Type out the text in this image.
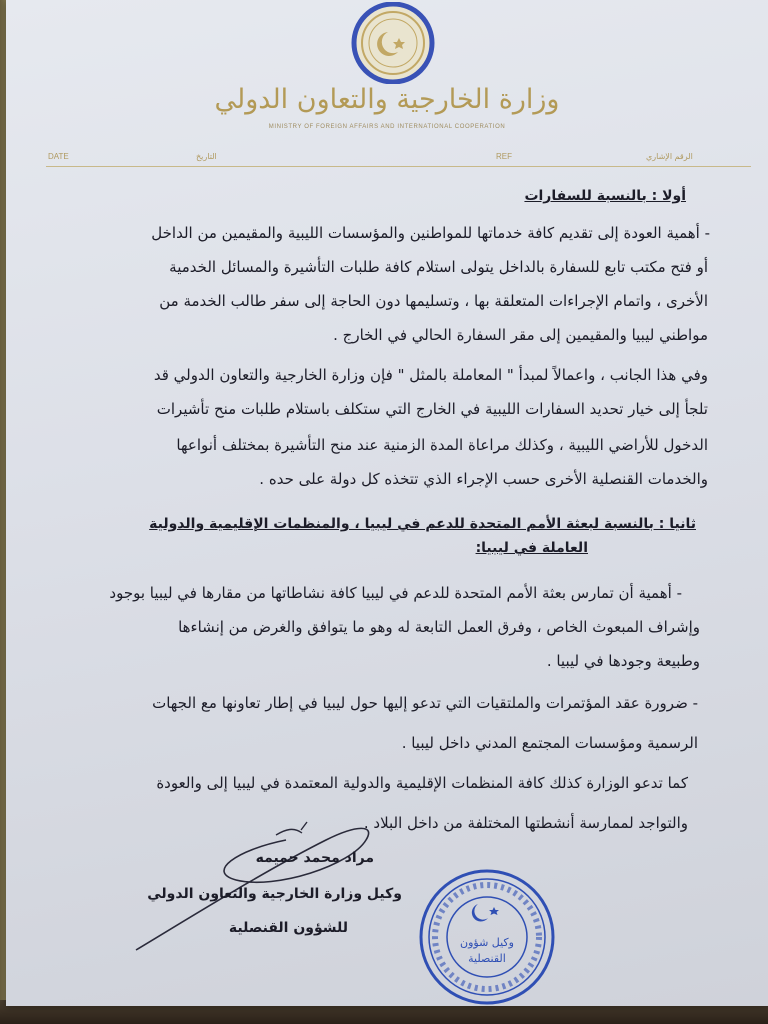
وزارة الخارجية والتعاون الدولي
MINISTRY OF FOREIGN AFFAIRS AND INTERNATIONAL COOPERATION
DATE	التاريخ	REF	الرقم الإشاري
أولا : بالنسبة للسفارات
- أهمية العودة إلى تقديم كافة خدماتها للمواطنين والمؤسسات الليبية والمقيمين من الداخل
أو فتح مكتب تابع للسفارة بالداخل يتولى استلام كافة طلبات التأشيرة والمسائل الخدمية
الأخرى ، واتمام الإجراءات المتعلقة بها ، وتسليمها دون الحاجة إلى سفر طالب الخدمة من
مواطني ليبيا والمقيمين إلى مقر السفارة الحالي في الخارج .
وفي هذا الجانب ، واعمالاً لمبدأ " المعاملة بالمثل " فإن وزارة الخارجية والتعاون الدولي قد
تلجأ إلى خيار تحديد السفارات الليبية في الخارج التي ستكلف باستلام طلبات منح تأشيرات
الدخول للأراضي الليبية ، وكذلك مراعاة المدة الزمنية عند منح التأشيرة بمختلف أنواعها
والخدمات القنصلية الأخرى حسب الإجراء الذي تتخذه كل دولة على حده .
ثانيا : بالنسبة لبعثة الأمم المتحدة للدعم في ليبيا ، والمنظمات الإقليمية والدولية
العاملة في ليبيا:
- أهمية أن تمارس بعثة الأمم المتحدة للدعم في ليبيا كافة نشاطاتها من مقارها في ليبيا بوجود
وإشراف المبعوث الخاص ، وفرق العمل التابعة له وهو ما يتوافق والغرض من إنشاءها
وطبيعة وجودها في ليبيا .
- ضرورة عقد المؤتمرات والملتقيات التي تدعو إليها حول ليبيا في إطار تعاونها مع الجهات
الرسمية ومؤسسات المجتمع المدني داخل ليبيا .
كما تدعو الوزارة كذلك كافة المنظمات الإقليمية والدولية المعتمدة في ليبيا إلى والعودة
والتواجد لممارسة أنشطتها المختلفة من داخل البلاد .
مراد محمد حميمه
وكيل وزارة الخارجية والتعاون الدولي
للشؤون القنصلية
وكيل شؤون
القنصلية
